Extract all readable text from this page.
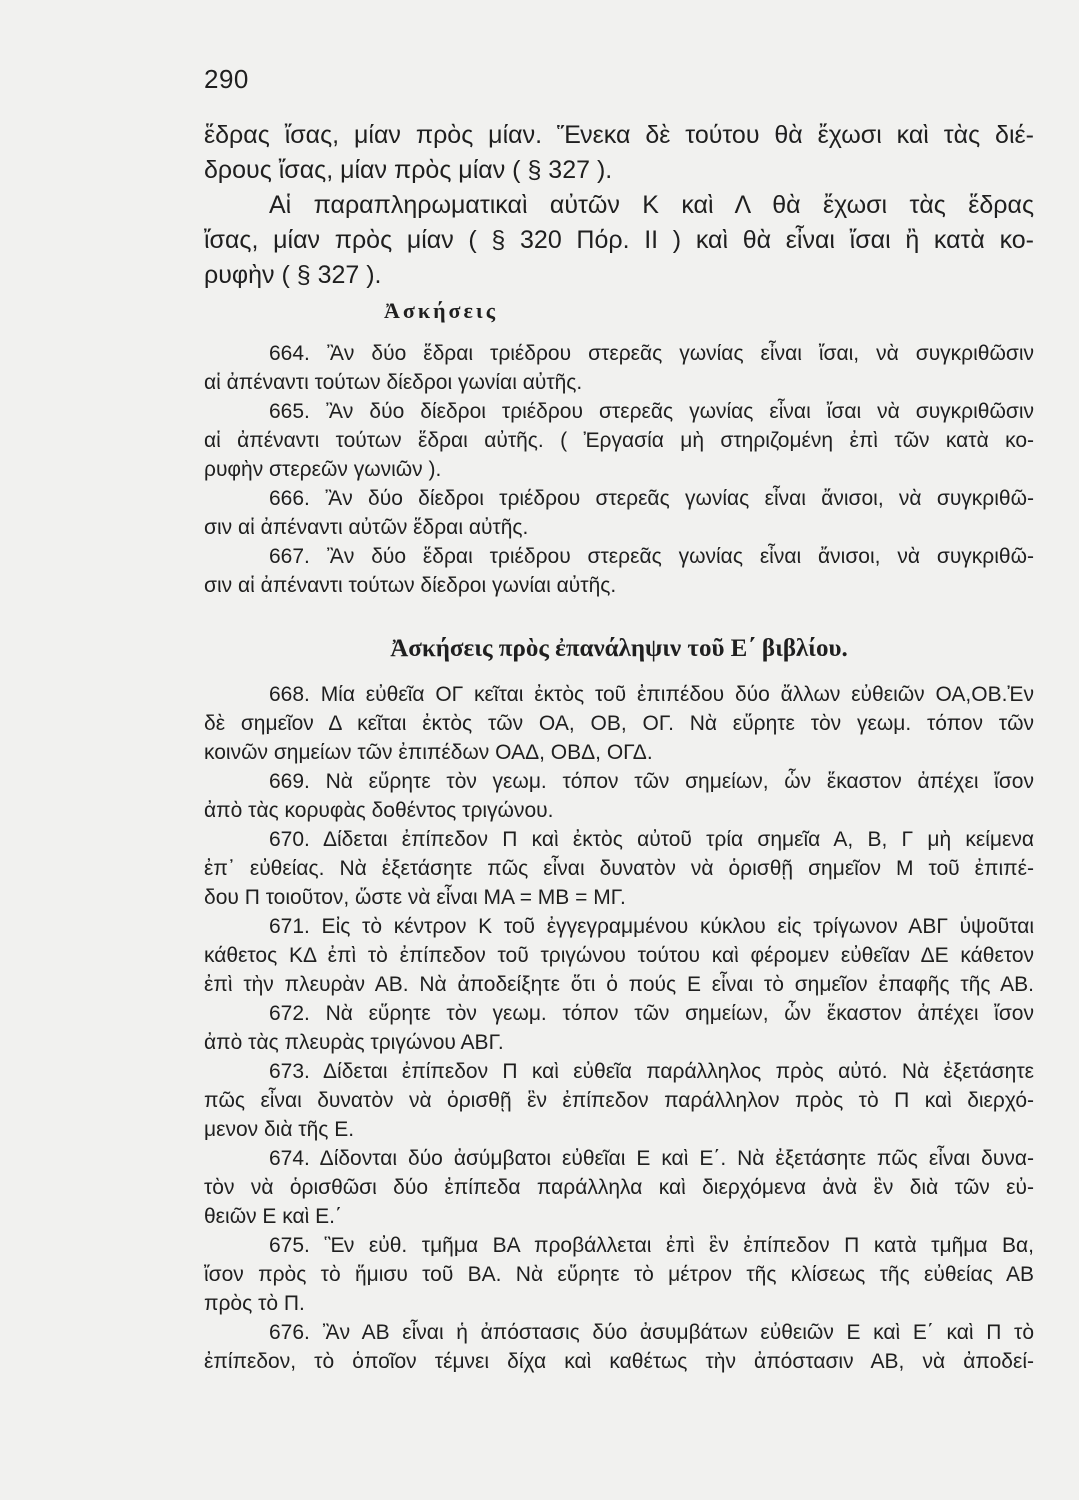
290
ἕδρας ἴσας, μίαν πρὸς μίαν. Ἕνεκα δὲ τούτου θὰ ἔχωσι καὶ τὰς διέ-
δρους ἴσας, μίαν πρὸς μίαν ( § 327 ).
Αἱ παραπληρωματικαὶ αὐτῶν Κ καὶ Λ θὰ ἔχωσι τὰς ἕδρας
ἴσας, μίαν πρὸς μίαν ( § 320 Πόρ. II ) καὶ θὰ εἶναι ἴσαι ἢ κατὰ κο-
ρυφὴν ( § 327 ).
Ἀσκήσεις
664. Ἂν δύο ἕδραι τριέδρου στερεᾶς γωνίας εἶναι ἴσαι, νὰ συγκριθῶσιν
αἱ ἀπέναντι τούτων δίεδροι γωνίαι αὐτῆς.
665. Ἂν δύο δίεδροι τριέδρου στερεᾶς γωνίας εἶναι ἴσαι νὰ συγκριθῶσιν
αἱ ἀπέναντι τούτων ἕδραι αὐτῆς. ( Ἐργασία μὴ στηριζομένη ἐπὶ τῶν κατὰ κο-
ρυφὴν στερεῶν γωνιῶν ).
666. Ἂν δύο δίεδροι τριέδρου στερεᾶς γωνίας εἶναι ἄνισοι, νὰ συγκριθῶ-
σιν αἱ ἀπέναντι αὐτῶν ἕδραι αὐτῆς.
667. Ἂν δύο ἕδραι τριέδρου στερεᾶς γωνίας εἶναι ἄνισοι, νὰ συγκριθῶ-
σιν αἱ ἀπέναντι τούτων δίεδροι γωνίαι αὐτῆς.
Ἀσκήσεις πρὸς ἐπανάληψιν τοῦ Ε΄ βιβλίου.
668. Μία εὐθεῖα ΟΓ κεῖται ἐκτὸς τοῦ ἐπιπέδου δύο ἄλλων εὐθειῶν ΟΑ,ΟΒ.Ἐν
δὲ σημεῖον Δ κεῖται ἐκτὸς τῶν ΟΑ, ΟΒ, ΟΓ. Νὰ εὕρητε τὸν γεωμ. τόπον τῶν
κοινῶν σημείων τῶν ἐπιπέδων ΟΑΔ, ΟΒΔ, ΟΓΔ.
669. Νὰ εὕρητε τὸν γεωμ. τόπον τῶν σημείων, ὧν ἕκαστον ἀπέχει ἴσον
ἀπὸ τὰς κορυφὰς δοθέντος τριγώνου.
670. Δίδεται ἐπίπεδον Π καὶ ἐκτὸς αὐτοῦ τρία σημεῖα Α, Β, Γ μὴ κείμενα
ἐπ᾿ εὐθείας. Νὰ ἐξετάσητε πῶς εἶναι δυνατὸν νὰ ὁρισθῇ σημεῖον Μ τοῦ ἐπιπέ-
δου Π τοιοῦτον, ὥστε νὰ εἶναι ΜΑ = ΜΒ = ΜΓ.
671. Εἰς τὸ κέντρον Κ τοῦ ἐγγεγραμμένου κύκλου εἰς τρίγωνον ΑΒΓ ὑψοῦται
κάθετος ΚΔ ἐπὶ τὸ ἐπίπεδον τοῦ τριγώνου τούτου καὶ φέρομεν εὐθεῖαν ΔΕ κάθετον
ἐπὶ τὴν πλευρὰν ΑΒ. Νὰ ἀποδείξητε ὅτι ὁ πούς Ε εἶναι τὸ σημεῖον ἐπαφῆς τῆς ΑΒ.
672. Νὰ εὕρητε τὸν γεωμ. τόπον τῶν σημείων, ὧν ἕκαστον ἀπέχει ἴσον
ἀπὸ τὰς πλευρὰς τριγώνου ΑΒΓ.
673. Δίδεται ἐπίπεδον Π καὶ εὐθεῖα παράλληλος πρὸς αὐτό. Νὰ ἐξετάσητε
πῶς εἶναι δυνατὸν νὰ ὁρισθῇ ἓν ἐπίπεδον παράλληλον πρὸς τὸ Π καὶ διερχό-
μενον διὰ τῆς Ε.
674. Δίδονται δύο ἀσύμβατοι εὐθεῖαι Ε καὶ Ε΄. Νὰ ἐξετάσητε πῶς εἶναι δυνα-
τὸν νὰ ὁρισθῶσι δύο ἐπίπεδα παράλληλα καὶ διερχόμενα ἀνὰ ἓν διὰ τῶν εὐ-
θειῶν Ε καὶ Ε.΄
675. Ἓν εὐθ. τμῆμα ΒΑ προβάλλεται ἐπὶ ἓν ἐπίπεδον Π κατὰ τμῆμα Βα,
ἴσον πρὸς τὸ ἥμισυ τοῦ ΒΑ. Νὰ εὕρητε τὸ μέτρον τῆς κλίσεως τῆς εὐθείας ΑΒ
πρὸς τὸ Π.
676. Ἂν ΑΒ εἶναι ἡ ἀπόστασις δύο ἀσυμβάτων εὐθειῶν Ε καὶ Ε΄ καὶ Π τὸ
ἐπίπεδον, τὸ ὁποῖον τέμνει δίχα καὶ καθέτως τὴν ἀπόστασιν ΑΒ, νὰ ἀποδεί-
